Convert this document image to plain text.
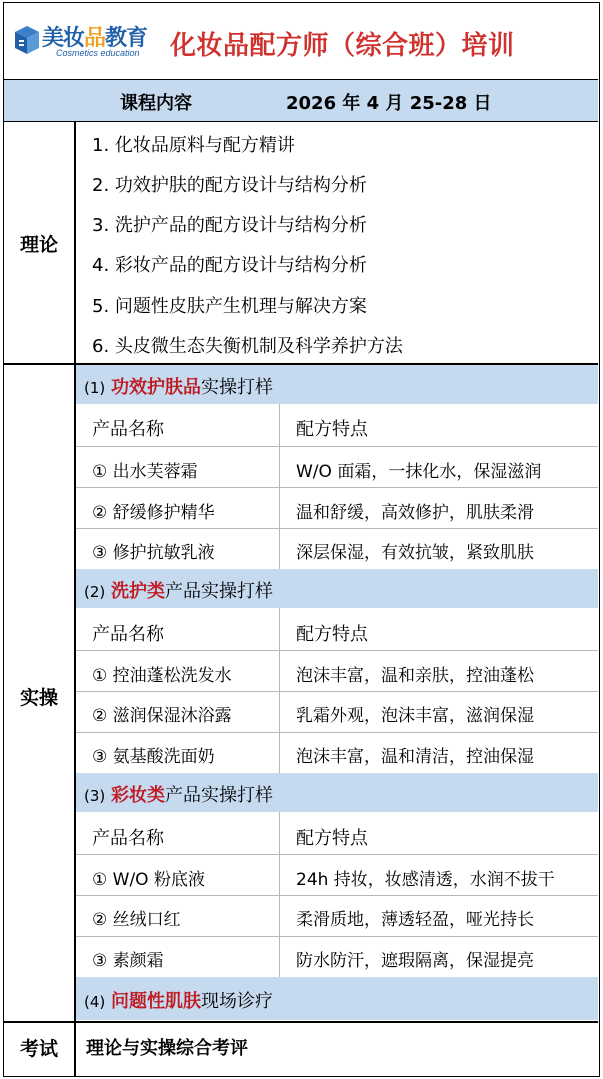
美妆品教育
Cosmetics education 化妆品配方师（综合班）培训
课程内容	2026 年 4 月 25-28 日
理论
1. 化妆品原料与配方精讲
2. 功效护肤的配方设计与结构分析
3. 洗护产品的配方设计与结构分析
4. 彩妆产品的配方设计与结构分析
5. 问题性皮肤产生机理与解决方案
6. 头皮微生态失衡机制及科学养护方法
实操
(1) 功效护肤品实操打样
产品名称	配方特点
① 出水芙蓉霜	W/O 面霜，一抹化水，保湿滋润
② 舒缓修护精华	温和舒缓，高效修护，肌肤柔滑
③ 修护抗敏乳液	深层保湿，有效抗皱，紧致肌肤
(2) 洗护类产品实操打样
产品名称	配方特点
① 控油蓬松洗发水	泡沫丰富，温和亲肤，控油蓬松
② 滋润保湿沐浴露	乳霜外观，泡沫丰富，滋润保湿
③ 氨基酸洗面奶	泡沫丰富，温和清洁，控油保湿
(3) 彩妆类产品实操打样
产品名称	配方特点
① W/O 粉底液	24h 持妆，妆感清透，水润不拔干
② 丝绒口红	柔滑质地，薄透轻盈，哑光持长
③ 素颜霜	防水防汗，遮瑕隔离，保湿提亮
(4) 问题性肌肤现场诊疗
考试	理论与实操综合考评
